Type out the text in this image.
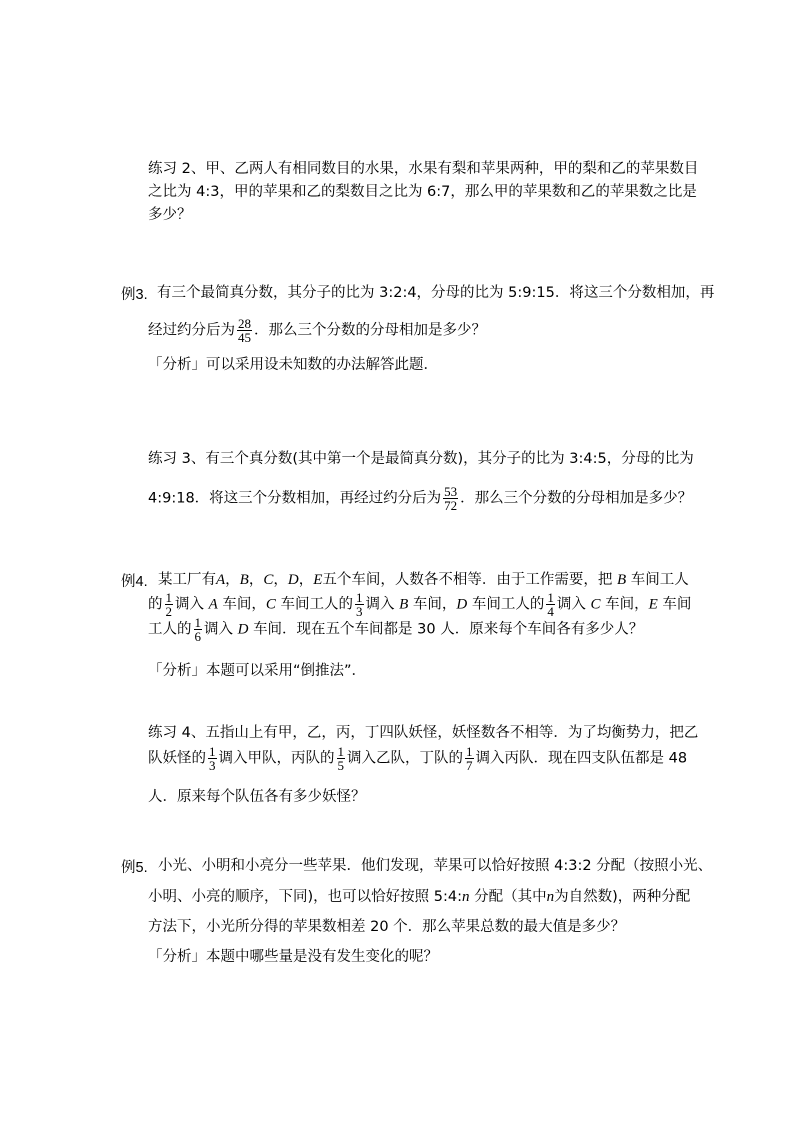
练习 2、甲、乙两人有相同数目的水果，水果有梨和苹果两种，甲的梨和乙的苹果数目
之比为 4:3，甲的苹果和乙的梨数目之比为 6:7，那么甲的苹果数和乙的苹果数之比是
多少？
例3. 有三个最简真分数，其分子的比为 3:2:4，分母的比为 5:9:15．将这三个分数相加，再
经过约分后为 $\frac{28}{45}$ ．那么三个分数的分母相加是多少？
「分析」可以采用设未知数的办法解答此题．
练习 3、有三个真分数(其中第一个是最简真分数)，其分子的比为 3:4:5，分母的比为
4:9:18．将这三个分数相加，再经过约分后为 $\frac{53}{72}$ ．那么三个分数的分母相加是多少？
例4. 某工厂有A，B，C，D，E五个车间，人数各不相等．由于工作需要，把 B 车间工人
的 $\frac{1}{2}$ 调入 A 车间，C 车间工人的 $\frac{1}{3}$ 调入 B 车间，D 车间工人的 $\frac{1}{4}$ 调入 C 车间，E 车间
工人的 $\frac{1}{6}$ 调入 D 车间．现在五个车间都是 30 人．原来每个车间各有多少人？
「分析」本题可以采用“倒推法”．
练习 4、五指山上有甲，乙，丙，丁四队妖怪，妖怪数各不相等．为了均衡势力，把乙
队妖怪的 $\frac{1}{3}$ 调入甲队，丙队的 $\frac{1}{5}$ 调入乙队，丁队的 $\frac{1}{7}$ 调入丙队．现在四支队伍都是 48
人．原来每个队伍各有多少妖怪？
例5. 小光、小明和小亮分一些苹果．他们发现，苹果可以恰好按照 4:3:2 分配（按照小光、
小明、小亮的顺序，下同)，也可以恰好按照 5:4:n 分配（其中n为自然数)，两种分配
方法下，小光所分得的苹果数相差 20 个．那么苹果总数的最大值是多少？
「分析」本题中哪些量是没有发生变化的呢？
